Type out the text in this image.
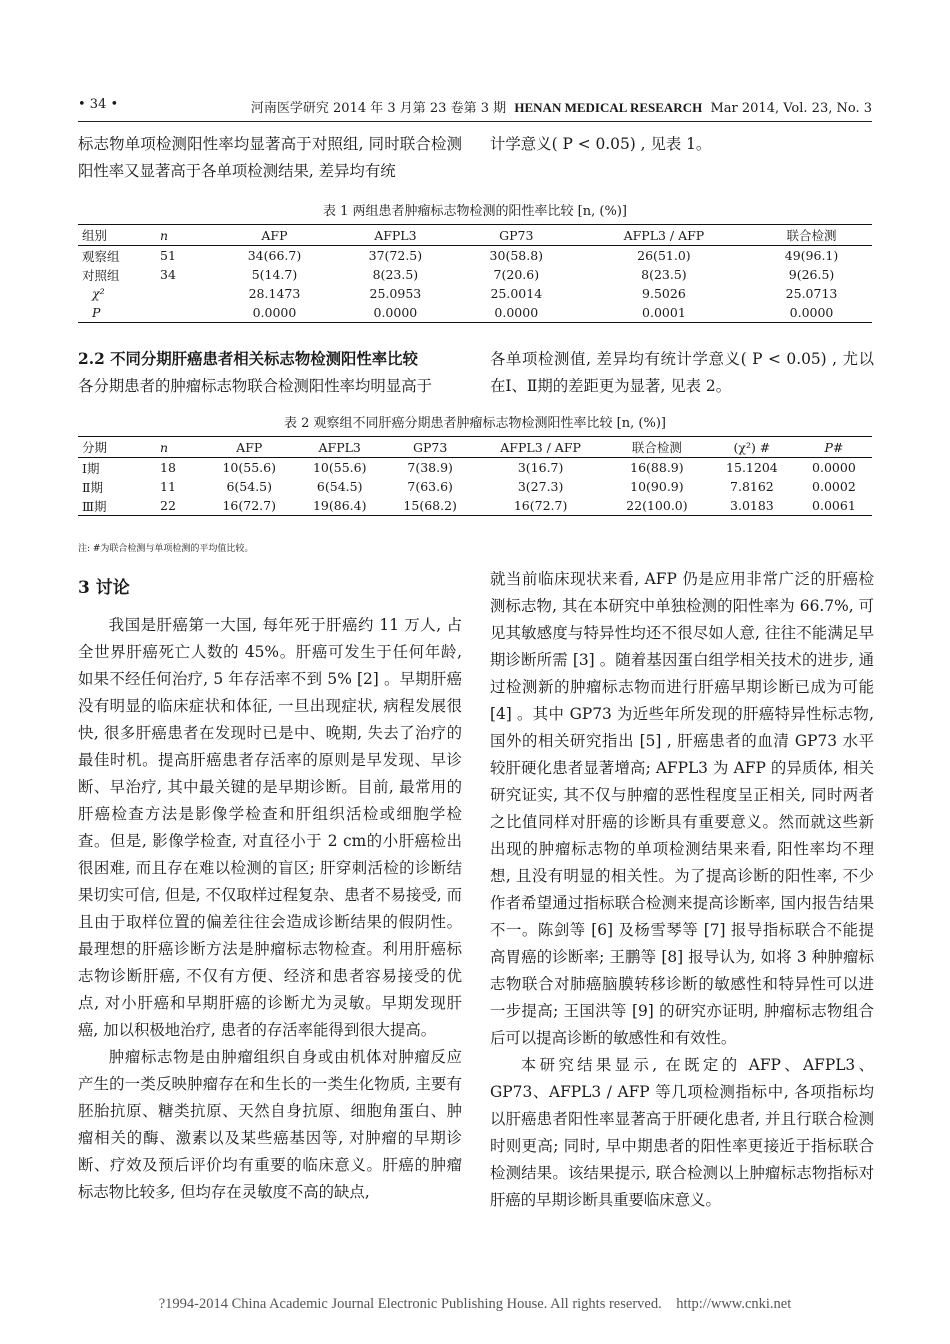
• 34 •	河南医学研究 2014 年 3 月第 23 卷第 3 期 HENAN MEDICAL RESEARCH Mar 2014, Vol. 23, No. 3

标志物单项检测阳性率均显著高于对照组, 同时联合检测阳性率又显著高于各单项检测结果, 差异均有统

计学意义( P < 0.05) , 见表 1。

表 1 两组患者肿瘤标志物检测的阳性率比较 [n, (%)]
组别	n	AFP	AFPL3	GP73	AFPL3 / AFP	联合检测
观察组	51	34(66.7)	37(72.5)	30(58.8)	26(51.0)	49(96.1)
对照组	34	5(14.7)	8(23.5)	7(20.6)	8(23.5)	9(26.5)
χ²		28.1473	25.0953	25.0014	9.5026	25.0713
P		0.0000	0.0000	0.0000	0.0001	0.0000

2.2 不同分期肝癌患者相关标志物检测阳性率比较

各分期患者的肿瘤标志物联合检测阳性率均明显高于

各单项检测值, 差异均有统计学意义( P < 0.05) , 尤以在Ⅰ、Ⅱ期的差距更为显著, 见表 2。

表 2 观察组不同肝癌分期患者肿瘤标志物检测阳性率比较 [n, (%)]
分期	n	AFP	AFPL3	GP73	AFPL3 / AFP	联合检测	(χ²) #	P#
Ⅰ期	18	10(55.6)	10(55.6)	7(38.9)	3(16.7)	16(88.9)	15.1204	0.0000
Ⅱ期	11	6(54.5)	6(54.5)	7(63.6)	3(27.3)	10(90.9)	7.8162	0.0002
Ⅲ期	22	16(72.7)	19(86.4)	15(68.2)	16(72.7)	22(100.0)	3.0183	0.0061
注: #为联合检测与单项检测的平均值比较。

3 讨论

我国是肝癌第一大国, 每年死于肝癌约 11 万人, 占全世界肝癌死亡人数的 45%。肝癌可发生于任何年龄, 如果不经任何治疗, 5 年存活率不到 5% [2] 。早期肝癌没有明显的临床症状和体征, 一旦出现症状, 病程发展很快, 很多肝癌患者在发现时已是中、晚期, 失去了治疗的最佳时机。提高肝癌患者存活率的原则是早发现、早诊断、早治疗, 其中最关键的是早期诊断。目前, 最常用的肝癌检查方法是影像学检查和肝组织活检或细胞学检查。但是, 影像学检查, 对直径小于 2 cm的小肝癌检出很困难, 而且存在难以检测的盲区; 肝穿刺活检的诊断结果切实可信, 但是, 不仅取样过程复杂、患者不易接受, 而且由于取样位置的偏差往往会造成诊断结果的假阴性。最理想的肝癌诊断方法是肿瘤标志物检查。利用肝癌标志物诊断肝癌, 不仅有方便、经济和患者容易接受的优点, 对小肝癌和早期肝癌的诊断尤为灵敏。早期发现肝癌, 加以积极地治疗, 患者的存活率能得到很大提高。

肿瘤标志物是由肿瘤组织自身或由机体对肿瘤反应产生的一类反映肿瘤存在和生长的一类生化物质, 主要有胚胎抗原、糖类抗原、天然自身抗原、细胞角蛋白、肿瘤相关的酶、激素以及某些癌基因等, 对肿瘤的早期诊断、疗效及预后评价均有重要的临床意义。肝癌的肿瘤标志物比较多, 但均存在灵敏度不高的缺点,

就当前临床现状来看, AFP 仍是应用非常广泛的肝癌检测标志物, 其在本研究中单独检测的阳性率为 66.7%, 可见其敏感度与特异性均还不很尽如人意, 往往不能满足早期诊断所需 [3] 。随着基因蛋白组学相关技术的进步, 通过检测新的肿瘤标志物而进行肝癌早期诊断已成为可能 [4] 。其中 GP73 为近些年所发现的肝癌特异性标志物, 国外的相关研究指出 [5] , 肝癌患者的血清 GP73 水平较肝硬化患者显著增高; AFPL3 为 AFP 的异质体, 相关研究证实, 其不仅与肿瘤的恶性程度呈正相关, 同时两者之比值同样对肝癌的诊断具有重要意义。然而就这些新出现的肿瘤标志物的单项检测结果来看, 阳性率均不理想, 且没有明显的相关性。为了提高诊断的阳性率, 不少作者希望通过指标联合检测来提高诊断率, 国内报告结果不一。陈剑等 [6] 及杨雪琴等 [7] 报导指标联合不能提高胃癌的诊断率; 王鹏等 [8] 报导认为, 如将 3 种肿瘤标志物联合对肺癌脑膜转移诊断的敏感性和特异性可以进一步提高; 王国洪等 [9] 的研究亦证明, 肿瘤标志物组合后可以提高诊断的敏感性和有效性。

本研究结果显示, 在既定的 AFP、AFPL3、GP73、AFPL3 / AFP 等几项检测指标中, 各项指标均以肝癌患者阳性率显著高于肝硬化患者, 并且行联合检测时则更高; 同时, 早中期患者的阳性率更接近于指标联合检测结果。该结果提示, 联合检测以上肿瘤标志物指标对肝癌的早期诊断具重要临床意义。

?1994-2014 China Academic Journal Electronic Publishing House. All rights reserved.    http://www.cnki.net
